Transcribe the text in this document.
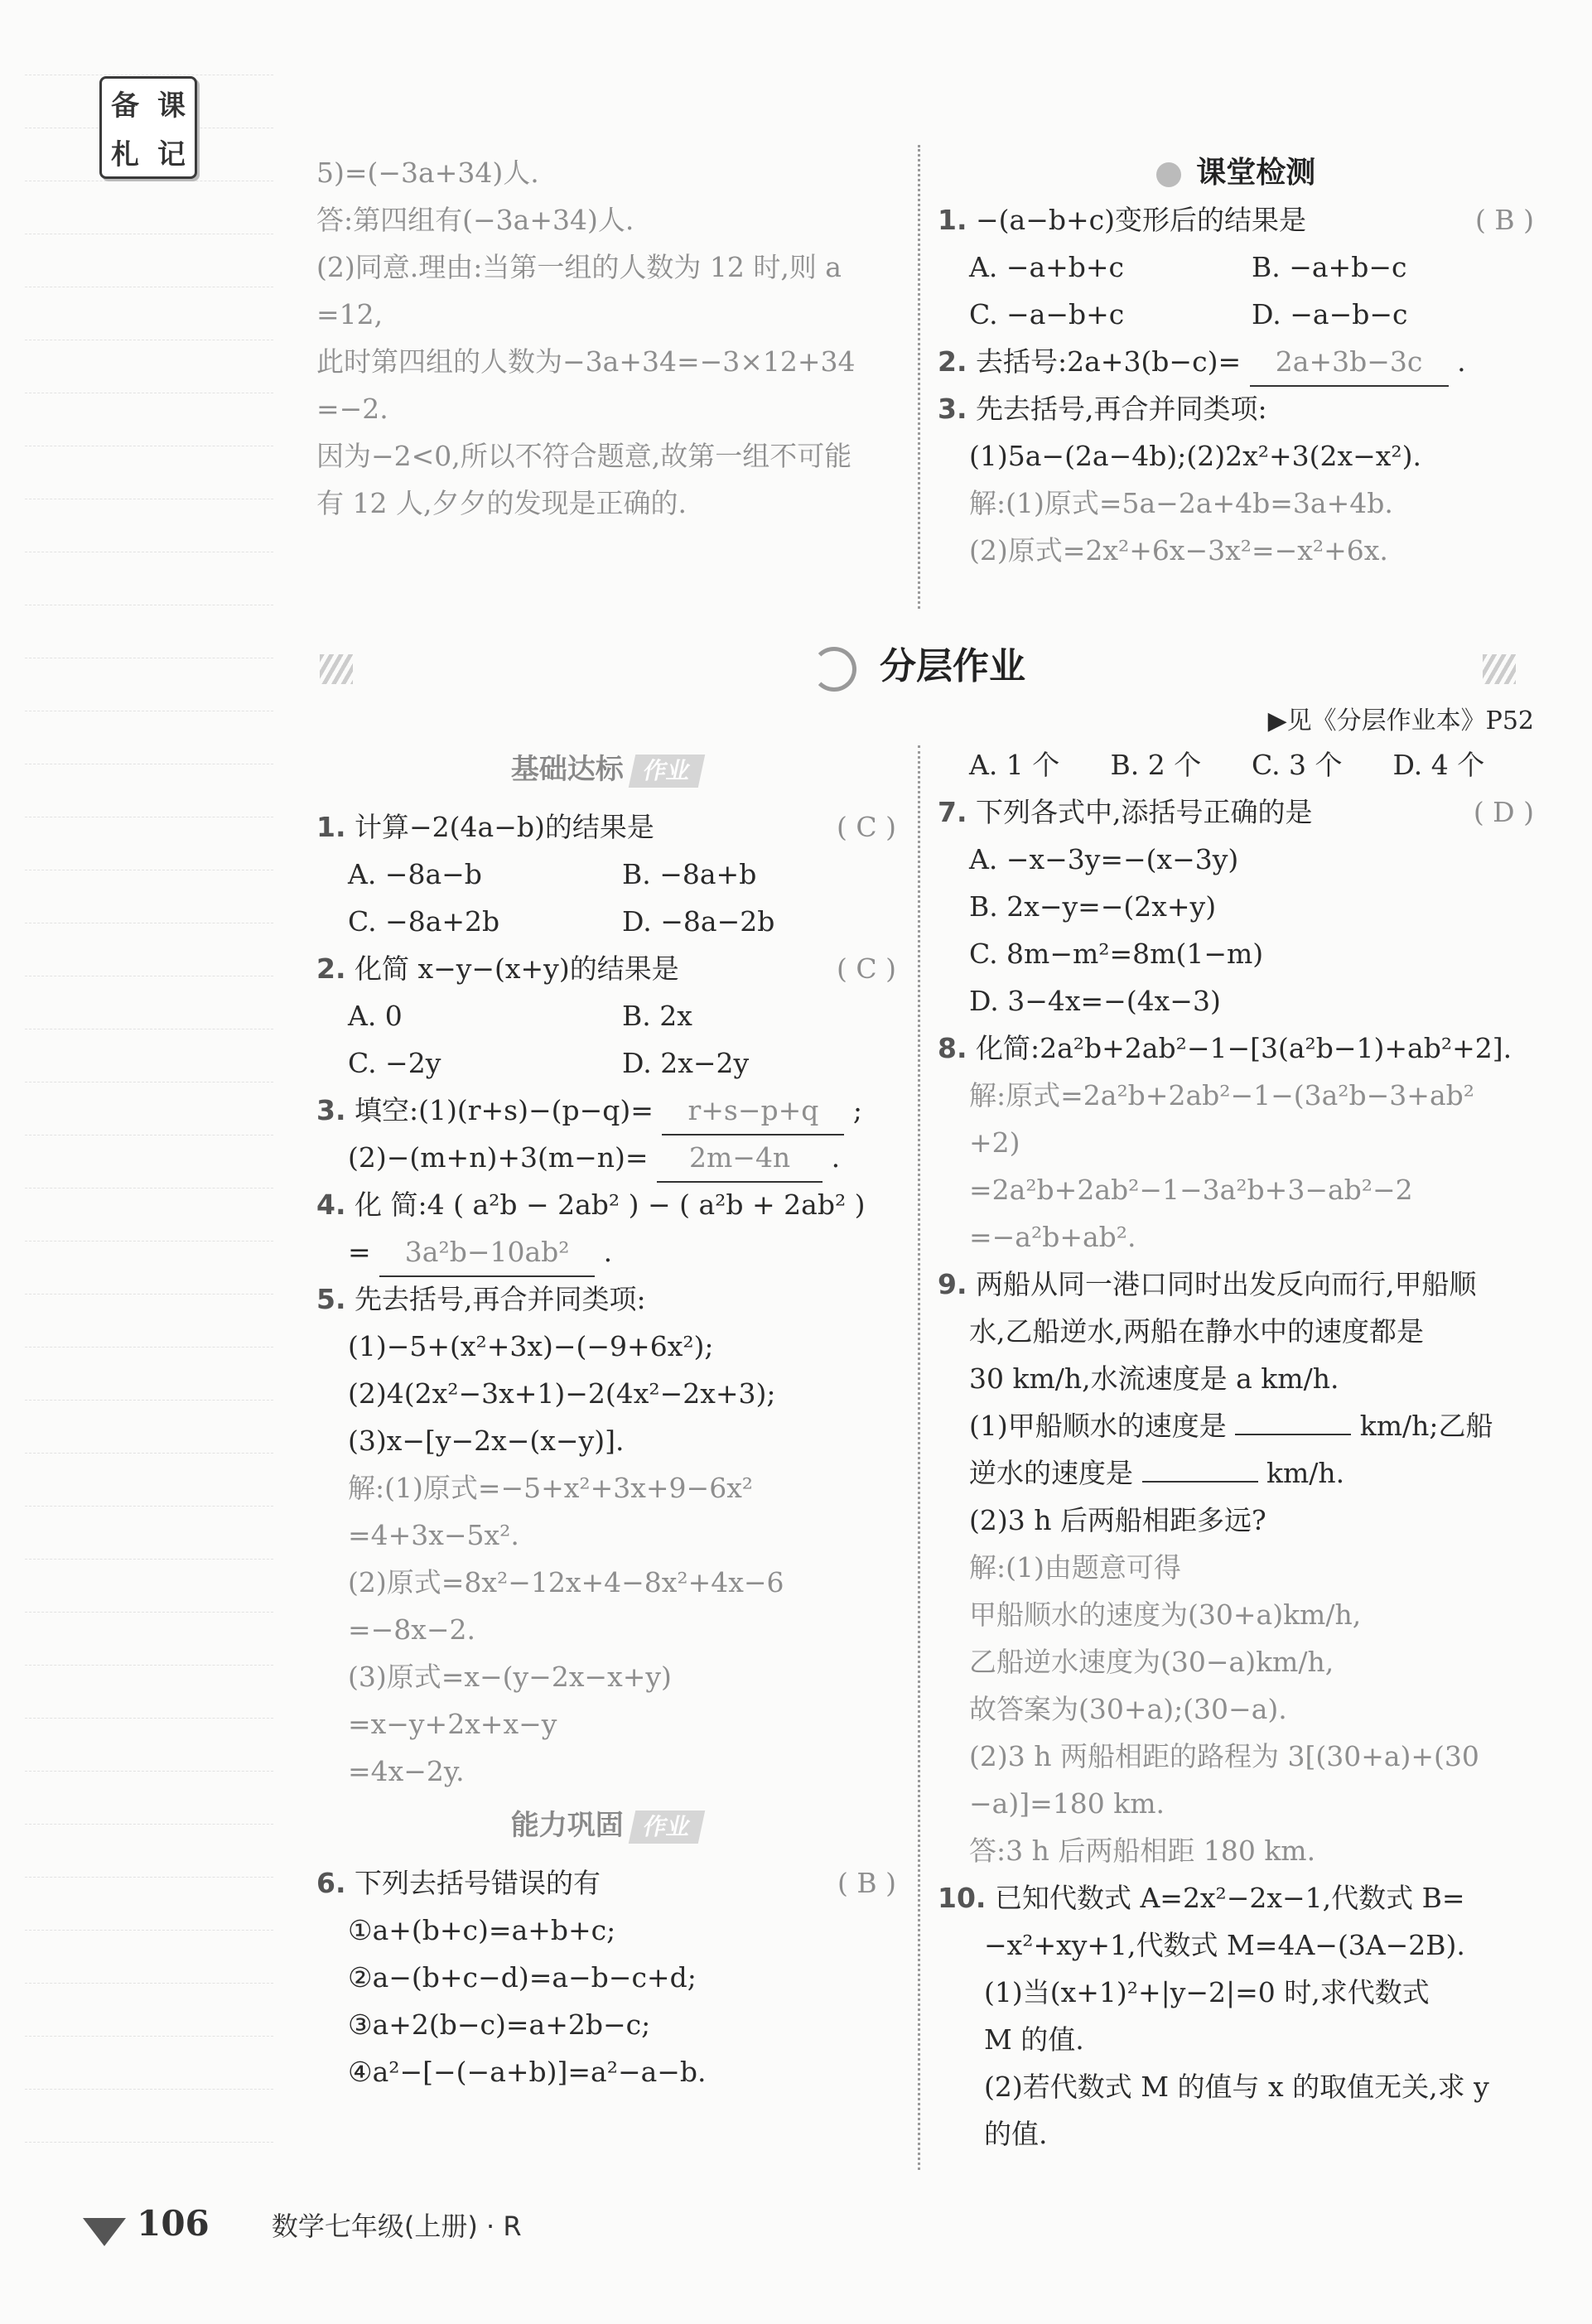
备 课
札 记
5)=(−3a+34)人.
答:第四组有(−3a+34)人.
(2)同意.理由:当第一组的人数为 12 时,则 a
=12,
此时第四组的人数为−3a+34=−3×12+34
=−2.
因为−2<0,所以不符合题意,故第一组不可能
有 12 人,夕夕的发现是正确的.
课堂检测
1. −(a−b+c)变形后的结果是	( B )
A. −a+b+c	B. −a+b−c
C. −a−b+c	D. −a−b−c
2. 去括号:2a+3(b−c)= 2a+3b−3c .
3. 先去括号,再合并同类项:
(1)5a−(2a−4b);(2)2x²+3(2x−x²).
解:(1)原式=5a−2a+4b=3a+4b.
(2)原式=2x²+6x−3x²=−x²+6x.
分层作业
▶见《分层作业本》P52
基础达标 作业
1. 计算−2(4a−b)的结果是	( C )
A. −8a−b	B. −8a+b
C. −8a+2b	D. −8a−2b
2. 化简 x−y−(x+y)的结果是	( C )
A. 0	B. 2x
C. −2y	D. 2x−2y
3. 填空:(1)(r+s)−(p−q)= r+s−p+q ;
(2)−(m+n)+3(m−n)= 2m−4n .
4. 化 简:4 ( a²b − 2ab² ) − ( a²b + 2ab² )
= 3a²b−10ab² .
5. 先去括号,再合并同类项:
(1)−5+(x²+3x)−(−9+6x²);
(2)4(2x²−3x+1)−2(4x²−2x+3);
(3)x−[y−2x−(x−y)].
解:(1)原式=−5+x²+3x+9−6x²
=4+3x−5x².
(2)原式=8x²−12x+4−8x²+4x−6
=−8x−2.
(3)原式=x−(y−2x−x+y)
=x−y+2x+x−y
=4x−2y.
能力巩固 作业
6. 下列去括号错误的有	( B )
①a+(b+c)=a+b+c;
②a−(b+c−d)=a−b−c+d;
③a+2(b−c)=a+2b−c;
④a²−[−(−a+b)]=a²−a−b.
A. 1 个	B. 2 个	C. 3 个	D. 4 个
7. 下列各式中,添括号正确的是	( D )
A. −x−3y=−(x−3y)
B. 2x−y=−(2x+y)
C. 8m−m²=8m(1−m)
D. 3−4x=−(4x−3)
8. 化简:2a²b+2ab²−1−[3(a²b−1)+ab²+2].
解:原式=2a²b+2ab²−1−(3a²b−3+ab²
+2)
=2a²b+2ab²−1−3a²b+3−ab²−2
=−a²b+ab².
9. 两船从同一港口同时出发反向而行,甲船顺
水,乙船逆水,两船在静水中的速度都是
30 km/h,水流速度是 a km/h.
(1)甲船顺水的速度是	km/h;乙船
逆水的速度是	km/h.
(2)3 h 后两船相距多远?
解:(1)由题意可得
甲船顺水的速度为(30+a)km/h,
乙船逆水速度为(30−a)km/h,
故答案为(30+a);(30−a).
(2)3 h 两船相距的路程为 3[(30+a)+(30
−a)]=180 km.
答:3 h 后两船相距 180 km.
10. 已知代数式 A=2x²−2x−1,代数式 B=
−x²+xy+1,代数式 M=4A−(3A−2B).
(1)当(x+1)²+|y−2|=0 时,求代数式
M 的值.
(2)若代数式 M 的值与 x 的取值无关,求 y
的值.
106 数学七年级(上册) · R
